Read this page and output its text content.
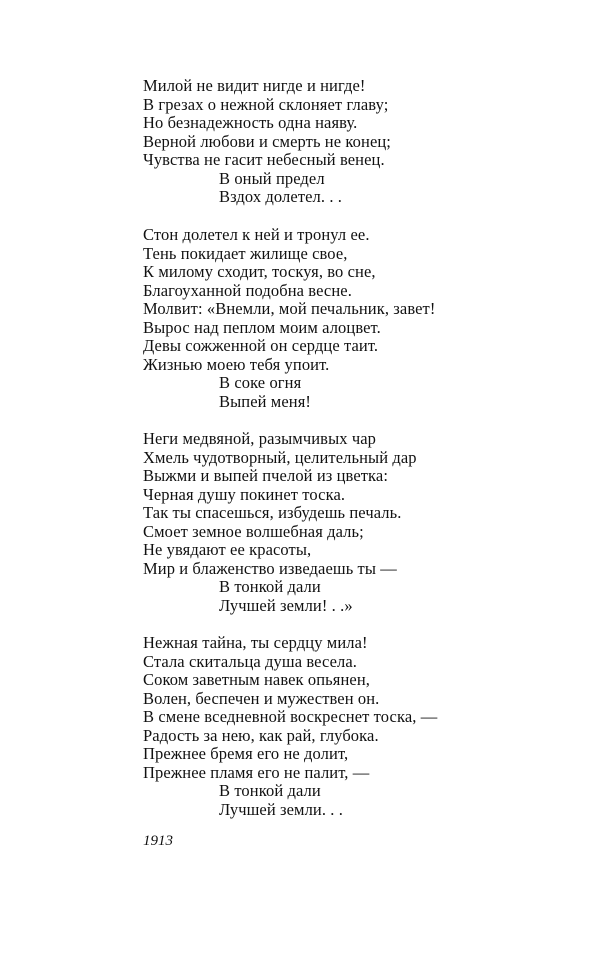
Милой не видит нигде и нигде!
В грезах о нежной склоняет главу;
Но безнадежность одна наяву.
Верной любови и смерть не конец;
Чувства не гасит небесный венец.
В оный предел
Вздох долетел. . .
Стон долетел к ней и тронул ее.
Тень покидает жилище свое,
К милому сходит, тоскуя, во сне,
Благоуханной подобна весне.
Молвит: «Внемли, мой печальник, завет!
Вырос над пеплом моим алоцвет.
Девы сожженной он сердце таит.
Жизнью моею тебя упоит.
В соке огня
Выпей меня!
Неги медвяной, разымчивых чар
Хмель чудотворный, целительный дар
Выжми и выпей пчелой из цветка:
Черная душу покинет тоска.
Так ты спасешься, избудешь печаль.
Смоет земное волшебная даль;
Не увядают ее красоты,
Мир и блаженство изведаешь ты —
В тонкой дали
Лучшей земли! . .»
Нежная тайна, ты сердцу мила!
Стала скитальца душа весела.
Соком заветным навек опьянен,
Волен, беспечен и мужествен он.
В смене вседневной воскреснет тоска, —
Радость за нею, как рай, глубока.
Прежнее бремя его не долит,
Прежнее пламя его не палит, —
В тонкой дали
Лучшей земли. . .
1913
